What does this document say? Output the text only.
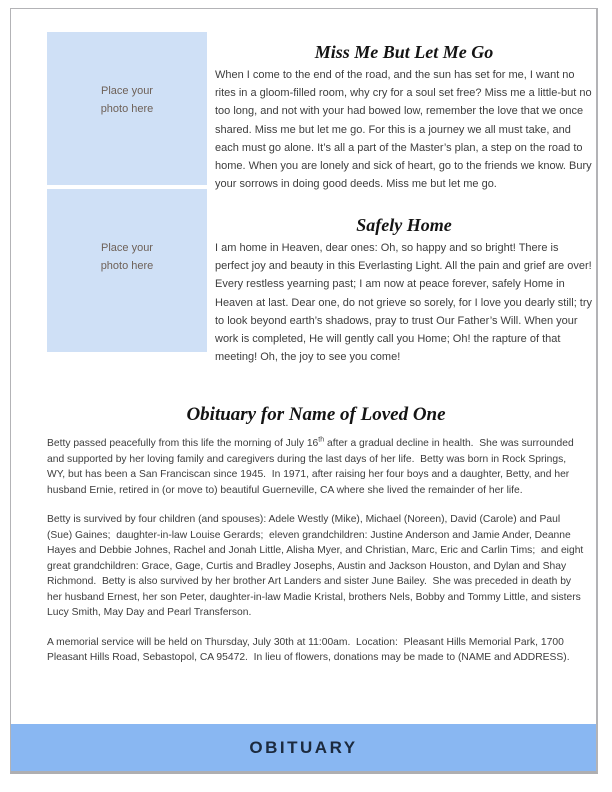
Place your photo here
Place your photo here
Miss Me But Let Me Go

When I come to the end of the road, and the sun has set for me, I want no rites in a gloom-filled room, why cry for a soul set free? Miss me a little-but no too long, and not with your had bowed low, remember the love that we once shared. Miss me but let me go. For this is a journey we all must take, and each must go alone. It’s all a part of the Master’s plan, a step on the road to home. When you are lonely and sick of heart, go to the friends we know. Bury your sorrows in doing good deeds. Miss me but let me go.

Safely Home

I am home in Heaven, dear ones: Oh, so happy and so bright! There is perfect joy and beauty in this Everlasting Light. All the pain and grief are over! Every restless yearning past; I am now at peace forever, safely Home in Heaven at last. Dear one, do not grieve so sorely, for I love you dearly still; try to look beyond earth’s shadows, pray to trust Our Father’s Will. When your work is completed, He will gently call you Home; Oh! the rapture of that meeting! Oh, the joy to see you come!

Obituary for Name of Loved One

Betty passed peacefully from this life the morning of July 16th after a gradual decline in health.  She was surrounded and supported by her loving family and caregivers during the last days of her life.  Betty was born in Rock Springs, WY, but has been a San Franciscan since 1945.  In 1971, after raising her four boys and a daughter, Betty, and her husband Ernie, retired in (or move to) beautiful Guerneville, CA where she lived the remainder of her life.

Betty is survived by four children (and spouses): Adele Westly (Mike), Michael (Noreen), David (Carole) and Paul (Sue) Gaines;  daughter-in-law Louise Gerards;  eleven grandchildren: Justine Anderson and Jamie Ander, Deanne Hayes and Debbie Johnes, Rachel and Jonah Little, Alisha Myer, and Christian, Marc, Eric and Carlin Tims;  and eight great grandchildren: Grace, Gage, Curtis and Bradley Josephs, Austin and Jackson Houston, and Dylan and Shay Richmond.  Betty is also survived by her brother Art Landers and sister June Bailey.  She was preceded in death by her husband Ernest, her son Peter, daughter-in-law Madie Kristal, brothers Nels, Bobby and Tommy Little, and sisters Lucy Smith, May Day and Pearl Transferson.

A memorial service will be held on Thursday, July 30th at 11:00am.  Location:  Pleasant Hills Memorial Park, 1700 Pleasant Hills Road, Sebastopol, CA 95472.  In lieu of flowers, donations may be made to (NAME and ADDRESS).

OBITUARY
